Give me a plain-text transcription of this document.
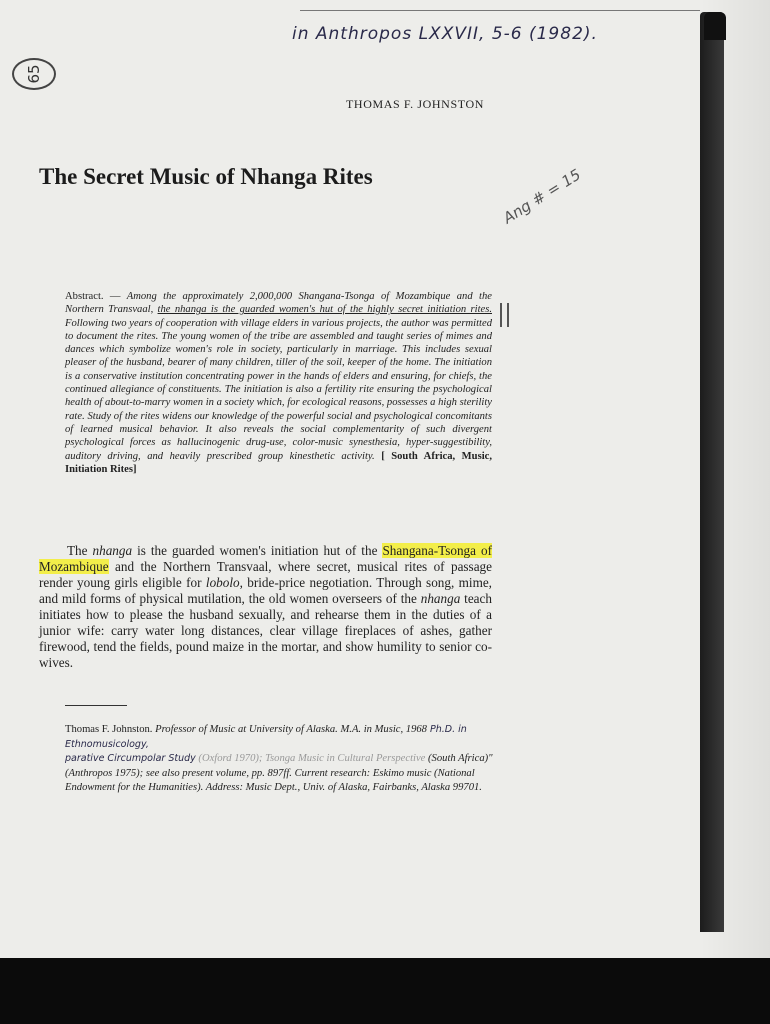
65
in Anthropos LXXVII, 5-6 (1982).
THOMAS F. JOHNSTON
The Secret Music of Nhanga Rites	Ang # = 15
Abstract. — Among the approximately 2,000,000 Shangana-Tsonga of Mozambique and the Northern Transvaal, the nhanga is the guarded women's hut of the highly secret initiation rites. Following two years of cooperation with village elders in various projects, the author was permitted to document the rites. The young women of the tribe are assembled and taught series of mimes and dances which symbolize women's role in society, particularly in marriage. This includes sexual pleaser of the husband, bearer of many children, tiller of the soil, keeper of the home. The initiation is a conservative institution concentrating power in the hands of elders and ensuring, for chiefs, the continued allegiance of constituents. The initiation is also a fertility rite ensuring the psychological health of about-to-marry women in a society which, for ecological reasons, possesses a high sterility rate. Study of the rites widens our knowledge of the powerful social and psychological concomitants of learned musical behavior. It also reveals the social complementarity of such divergent psychological forces as hallucinogenic drug-use, color-music synesthesia, hyper-suggestibility, auditory driving, and heavily prescribed group kinesthetic activity. [ South Africa, Music, Initiation Rites]

The nhanga is the guarded women's initiation hut of the Shangana-Tsonga of Mozambique and the Northern Transvaal, where secret, musical rites of passage render young girls eligible for lobolo, bride-price negotiation. Through song, mime, and mild forms of physical mutilation, the old women overseers of the nhanga teach initiates how to please the husband sexually, and rehearse them in the duties of a junior wife: carry water long distances, clear village fireplaces of ashes, gather firewood, tend the fields, pound maize in the mortar, and show humility to senior co-wives.

Thomas F. Johnston. Professor of Music at University of Alaska. M.A. in Music, 1968 Ph.D. in Ethnomusicology,
parative Circumpolar Study (Oxford 1970); Tsonga Music in Cultural Perspective (South Africa)" (Anthropos 1975); see also present volume, pp. 897ff. Current research: Eskimo music (National Endowment for the Humanities). Address: Music Dept., Univ. of Alaska, Fairbanks, Alaska 99701.
